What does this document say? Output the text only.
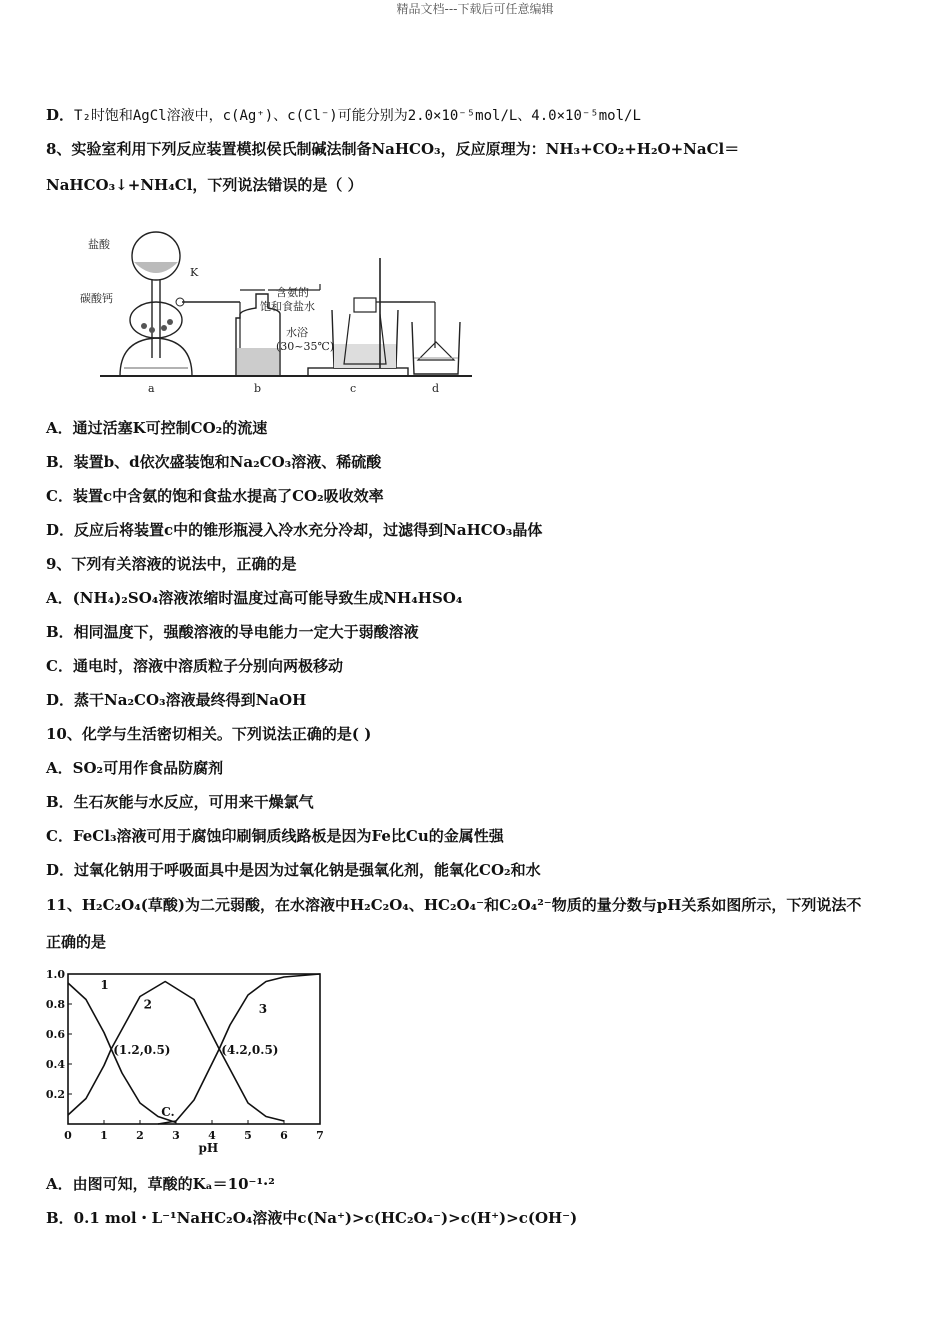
精品文档---下载后可任意编辑
D．T₂时饱和AgCl溶液中，c(Ag⁺)、c(Cl⁻)可能分别为2.0×10⁻⁵mol/L、4.0×10⁻⁵mol/L
8、实验室利用下列反应装置模拟侯氏制碱法制备NaHCO₃，反应原理为：NH₃+CO₂+H₂O+NaCl＝
NaHCO₃↓+NH₄Cl，下列说法错误的是（ ）
盐酸
K
碳酸钙	含氨的
饱和食盐水
水浴
(30~35℃)
a	b	c	d
A．通过活塞K可控制CO₂的流速
B．装置b、d依次盛装饱和Na₂CO₃溶液、稀硫酸
C．装置c中含氨的饱和食盐水提高了CO₂吸收效率
D．反应后将装置c中的锥形瓶浸入冷水充分冷却，过滤得到NaHCO₃晶体
9、下列有关溶液的说法中，正确的是
A．(NH₄)₂SO₄溶液浓缩时温度过高可能导致生成NH₄HSO₄
B．相同温度下，强酸溶液的导电能力一定大于弱酸溶液
C．通电时，溶液中溶质粒子分别向两极移动
D．蒸干Na₂CO₃溶液最终得到NaOH
10、化学与生活密切相关。下列说法正确的是( )
A．SO₂可用作食品防腐剂
B．生石灰能与水反应，可用来干燥氯气
C．FeCl₃溶液可用于腐蚀印刷铜质线路板是因为Fe比Cu的金属性强
D．过氧化钠用于呼吸面具中是因为过氧化钠是强氧化剂，能氧化CO₂和水
11、H₂C₂O₄(草酸)为二元弱酸，在水溶液中H₂C₂O₄、HC₂O₄⁻和C₂O₄²⁻物质的量分数与pH关系如图所示，下列说法不
正确的是
0	1	2	3	4	5	6	7
1.0
0.8
0.6
0.4
0.2
pH
1
2	3
(1.2,0.5)	(4.2,0.5)
C.
A．由图可知，草酸的Kₐ＝10⁻¹·²
B．0.1 mol・L⁻¹NaHC₂O₄溶液中c(Na⁺)>c(HC₂O₄⁻)>c(H⁺)>c(OH⁻)
